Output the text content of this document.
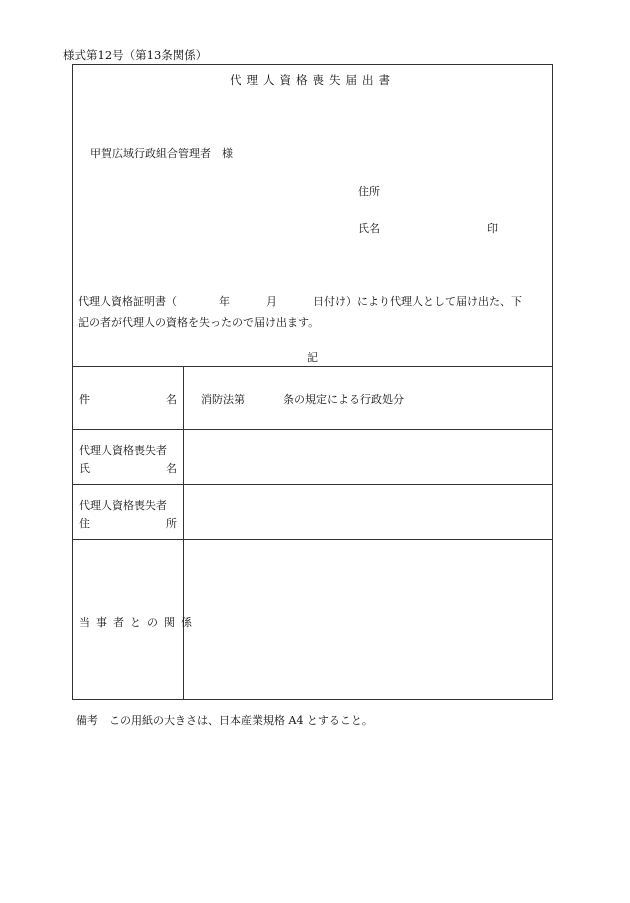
様式第12号（第13条関係）
代理人資格喪失届出書
甲賀広域行政組合管理者　様
住所
氏名	印
代理人資格証明書（	年	月	日付け）により代理人として届け出た、下
記の者が代理人の資格を失ったので届け出ます。
記
件	名 消防法第	条の規定による行政処分
代理人資格喪失者
氏	名
代理人資格喪失者
住	所
当事者との関係
備考　この用紙の大きさは、日本産業規格 A4 とすること。
